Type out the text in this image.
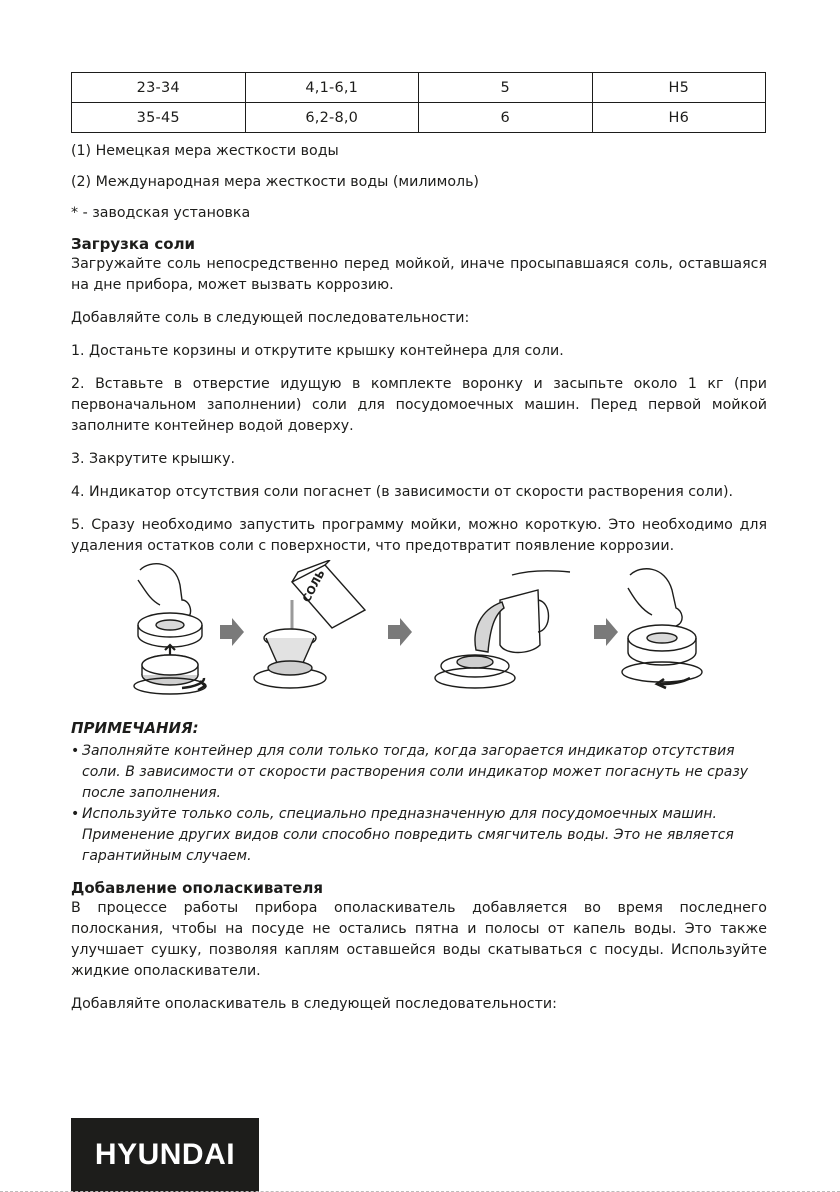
23-34	4,1-6,1	5	H5
35-45	6,2-8,0	6	H6

(1) Немецкая мера жесткости воды

(2) Международная мера жесткости воды (милимоль)

* - заводская установка

Загрузка соли

Загружайте соль непосредственно перед мойкой, иначе просыпавшаяся соль, оставшаяся на дне прибора, может вызвать коррозию.

Добавляйте соль в следующей последовательности:

1. Достаньте корзины и открутите крышку контейнера для соли.

2. Вставьте в отверстие идущую в комплекте воронку и засыпьте около 1 кг (при первоначальном заполнении) соли для посудомоечных машин. Перед первой мойкой заполните контейнер водой доверху.

3. Закрутите крышку.

4. Индикатор отсутствия соли погаснет (в зависимости от скорости растворения соли).

5. Сразу необходимо запустить программу мойки, можно короткую. Это необходимо для удаления остатков соли с поверхности, что предотвратит появление коррозии.

СОЛЬ
ПРИМЕЧАНИЯ:
• Заполняйте контейнер для соли только тогда, когда загорается индикатор отсутствия соли. В зависимости от скорости растворения соли индикатор может погаснуть не сразу после заполнения.
• Используйте только соль, специально предназначенную для посудомоечных машин. Применение других видов соли способно повредить смягчитель воды. Это не является гарантийным случаем.
Добавление ополаскивателя

В процессе работы прибора ополаскиватель добавляется во время последнего полоскания, чтобы на посуде не остались пятна и полосы от капель воды. Это также улучшает сушку, позволяя каплям оставшейся воды скатываться с посуды. Используйте жидкие ополаскиватели.

Добавляйте ополаскиватель в следующей последовательности:

HYUNDAI
